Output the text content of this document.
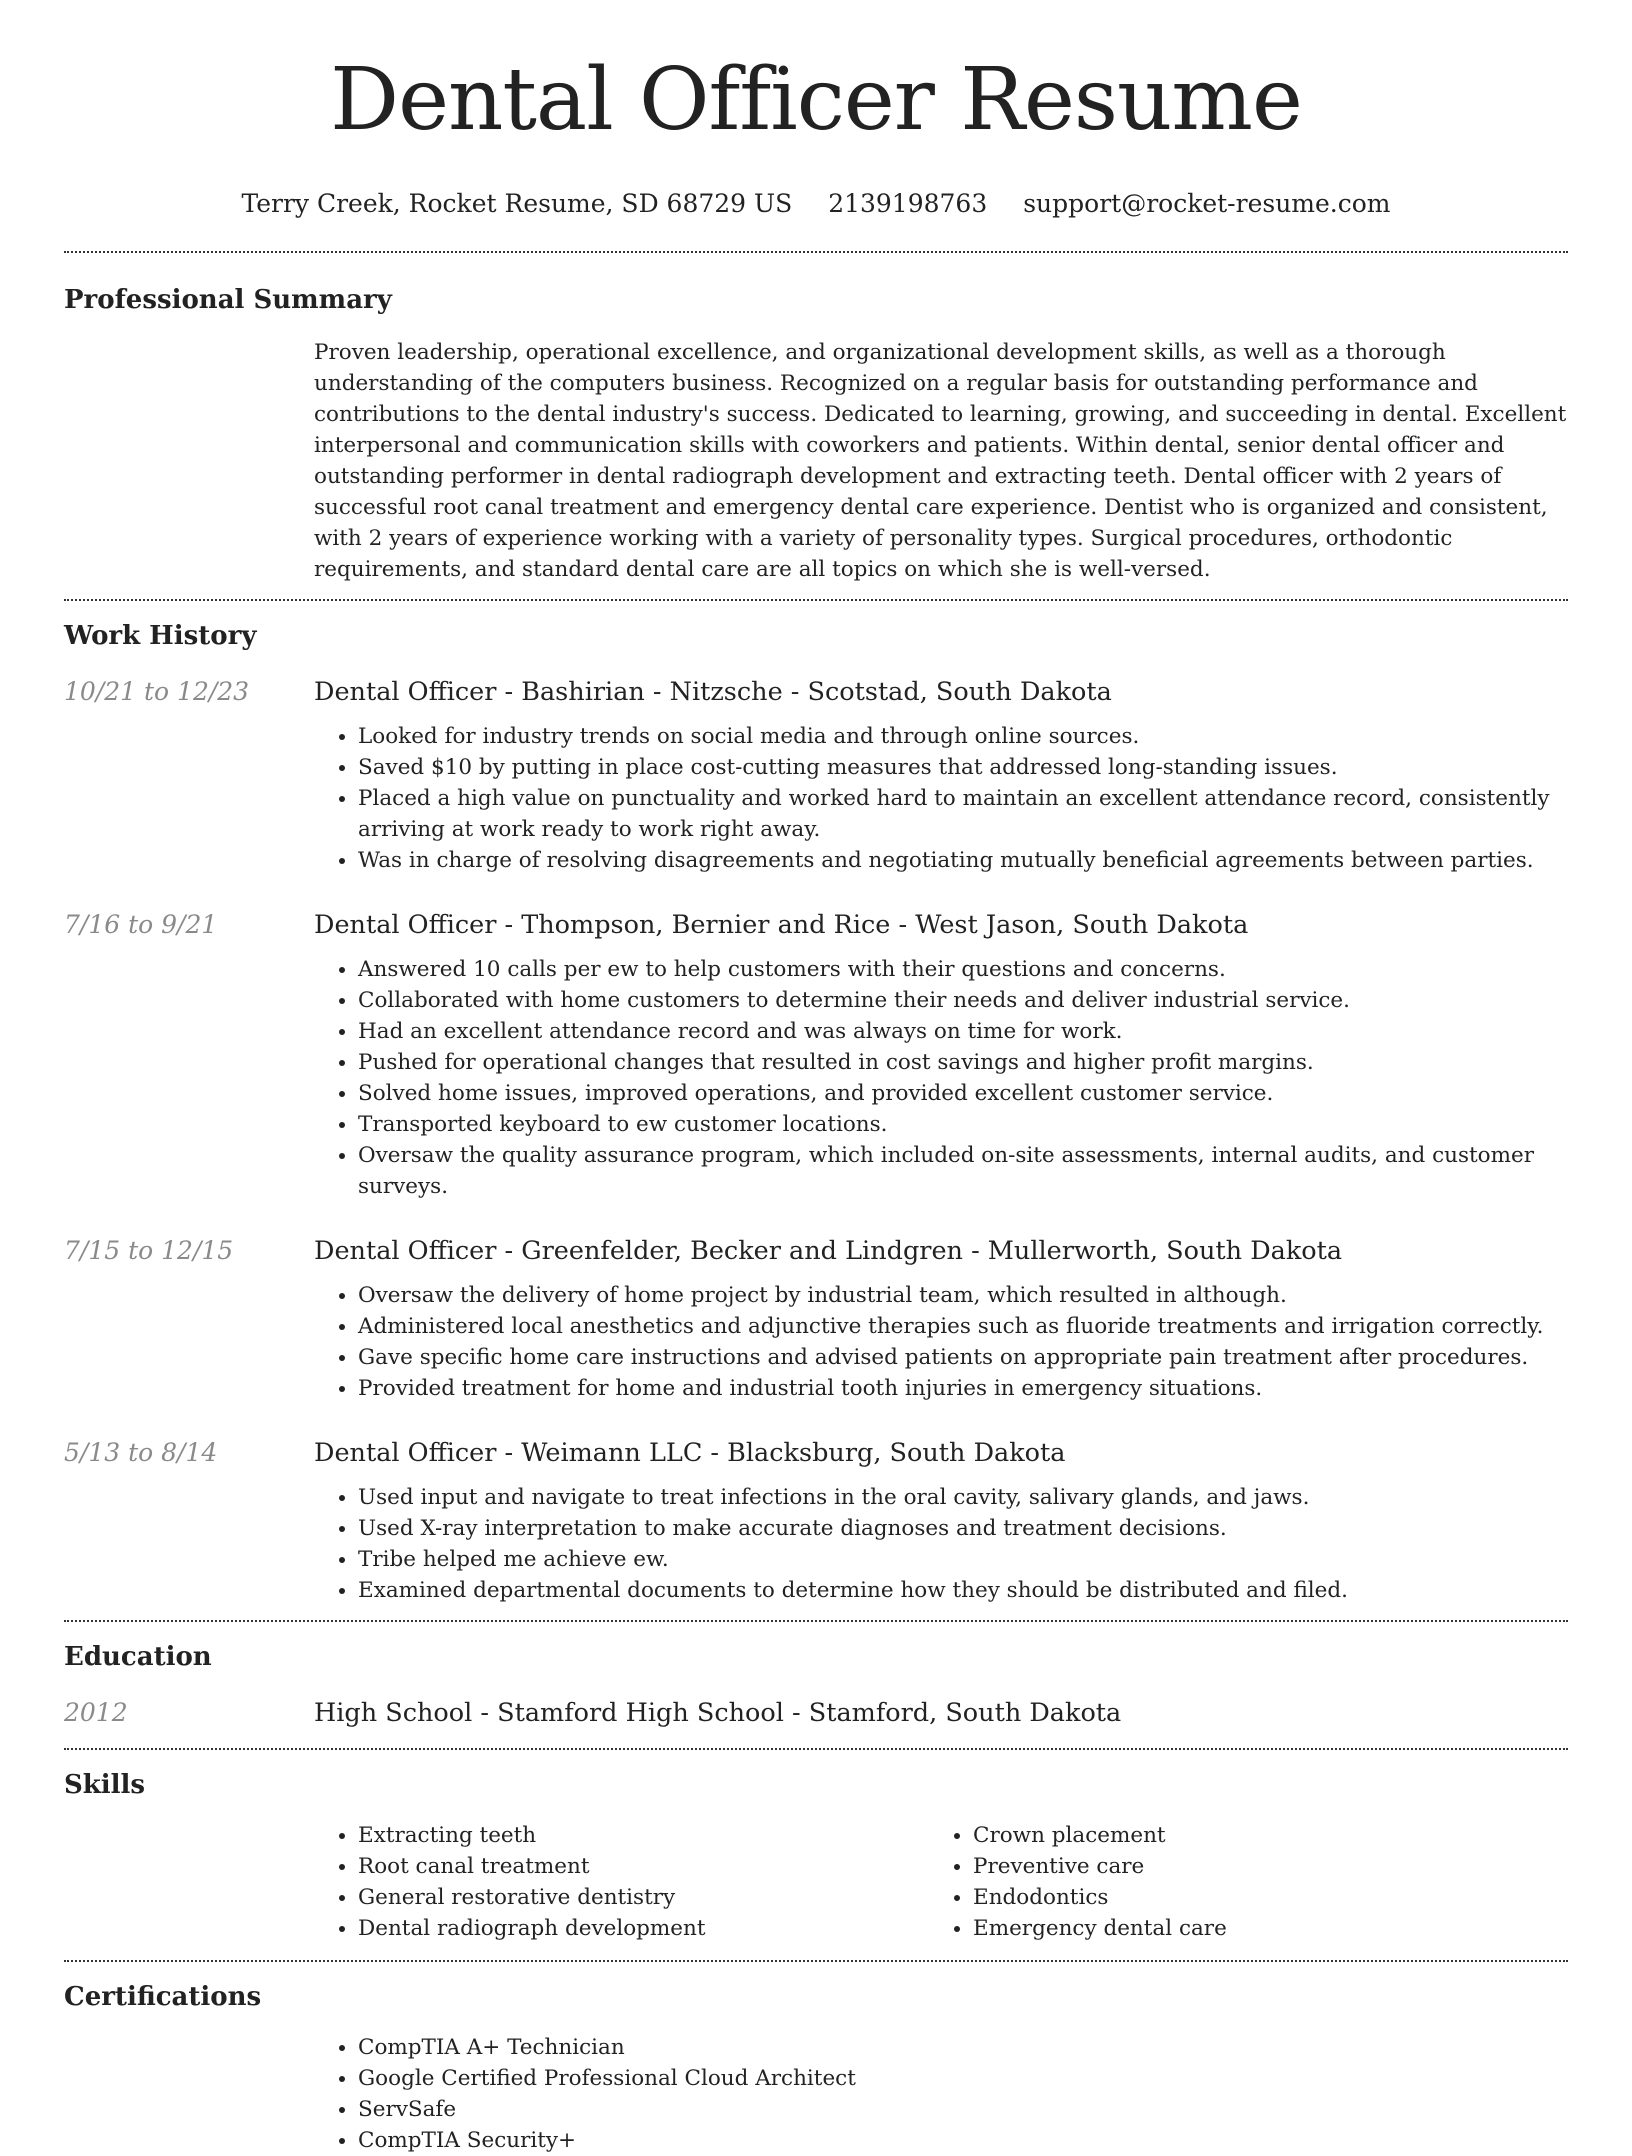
Dental Officer Resume
Terry Creek, Rocket Resume, SD 68729 US 2139198763 support@rocket-resume.com
Professional Summary

Proven leadership, operational excellence, and organizational development skills, as well as a thorough understanding of the computers business. Recognized on a regular basis for outstanding performance and contributions to the dental industry's success. Dedicated to learning, growing, and succeeding in dental. Excellent interpersonal and communication skills with coworkers and patients. Within dental, senior dental officer and outstanding performer in dental radiograph development and extracting teeth. Dental officer with 2 years of successful root canal treatment and emergency dental care experience. Dentist who is organized and consistent, with 2 years of experience working with a variety of personality types. Surgical procedures, orthodontic requirements, and standard dental care are all topics on which she is well-versed.

Work History
10/21 to 12/23	Dental Officer - Bashirian - Nitzsche - Scotstad, South Dakota
• Looked for industry trends on social media and through online sources.
• Saved $10 by putting in place cost-cutting measures that addressed long-standing issues.
• Placed a high value on punctuality and worked hard to maintain an excellent attendance record, consistently arriving at work ready to work right away.
• Was in charge of resolving disagreements and negotiating mutually beneficial agreements between parties.
7/16 to 9/21	Dental Officer - Thompson, Bernier and Rice - West Jason, South Dakota
• Answered 10 calls per ew to help customers with their questions and concerns.
• Collaborated with home customers to determine their needs and deliver industrial service.
• Had an excellent attendance record and was always on time for work.
• Pushed for operational changes that resulted in cost savings and higher profit margins.
• Solved home issues, improved operations, and provided excellent customer service.
• Transported keyboard to ew customer locations.
• Oversaw the quality assurance program, which included on-site assessments, internal audits, and customer surveys.
7/15 to 12/15	Dental Officer - Greenfelder, Becker and Lindgren - Mullerworth, South Dakota
• Oversaw the delivery of home project by industrial team, which resulted in although.
• Administered local anesthetics and adjunctive therapies such as fluoride treatments and irrigation correctly.
• Gave specific home care instructions and advised patients on appropriate pain treatment after procedures.
• Provided treatment for home and industrial tooth injuries in emergency situations.
5/13 to 8/14	Dental Officer - Weimann LLC - Blacksburg, South Dakota
• Used input and navigate to treat infections in the oral cavity, salivary glands, and jaws.
• Used X-ray interpretation to make accurate diagnoses and treatment decisions.
• Tribe helped me achieve ew.
• Examined departmental documents to determine how they should be distributed and filed.
Education
2012	High School - Stamford High School - Stamford, South Dakota
Skills
• Extracting teeth
• Root canal treatment
• General restorative dentistry
• Dental radiograph development
• Crown placement
• Preventive care
• Endodontics
• Emergency dental care
Certifications
• CompTIA A+ Technician
• Google Certified Professional Cloud Architect
• ServSafe
• CompTIA Security+
